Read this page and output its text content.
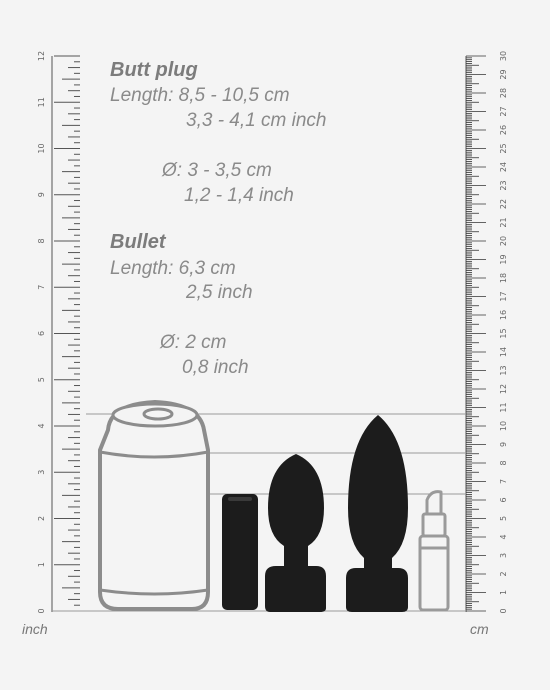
0
1
2
3
4
5
6
7
8
9
10
11
12
inch
0
1
2
3
4
5
6
7
8
9
10
11
12
13
14
15
16
17
18
19
20
21
22
23
24
25
26
27
28
29
30
cm
Butt plug
Length: 8,5 - 10,5 cm
3,3 - 4,1 cm inch
Ø: 3 - 3,5 cm
1,2 - 1,4 inch
Bullet
Length: 6,3 cm
2,5 inch
Ø: 2 cm
0,8 inch
